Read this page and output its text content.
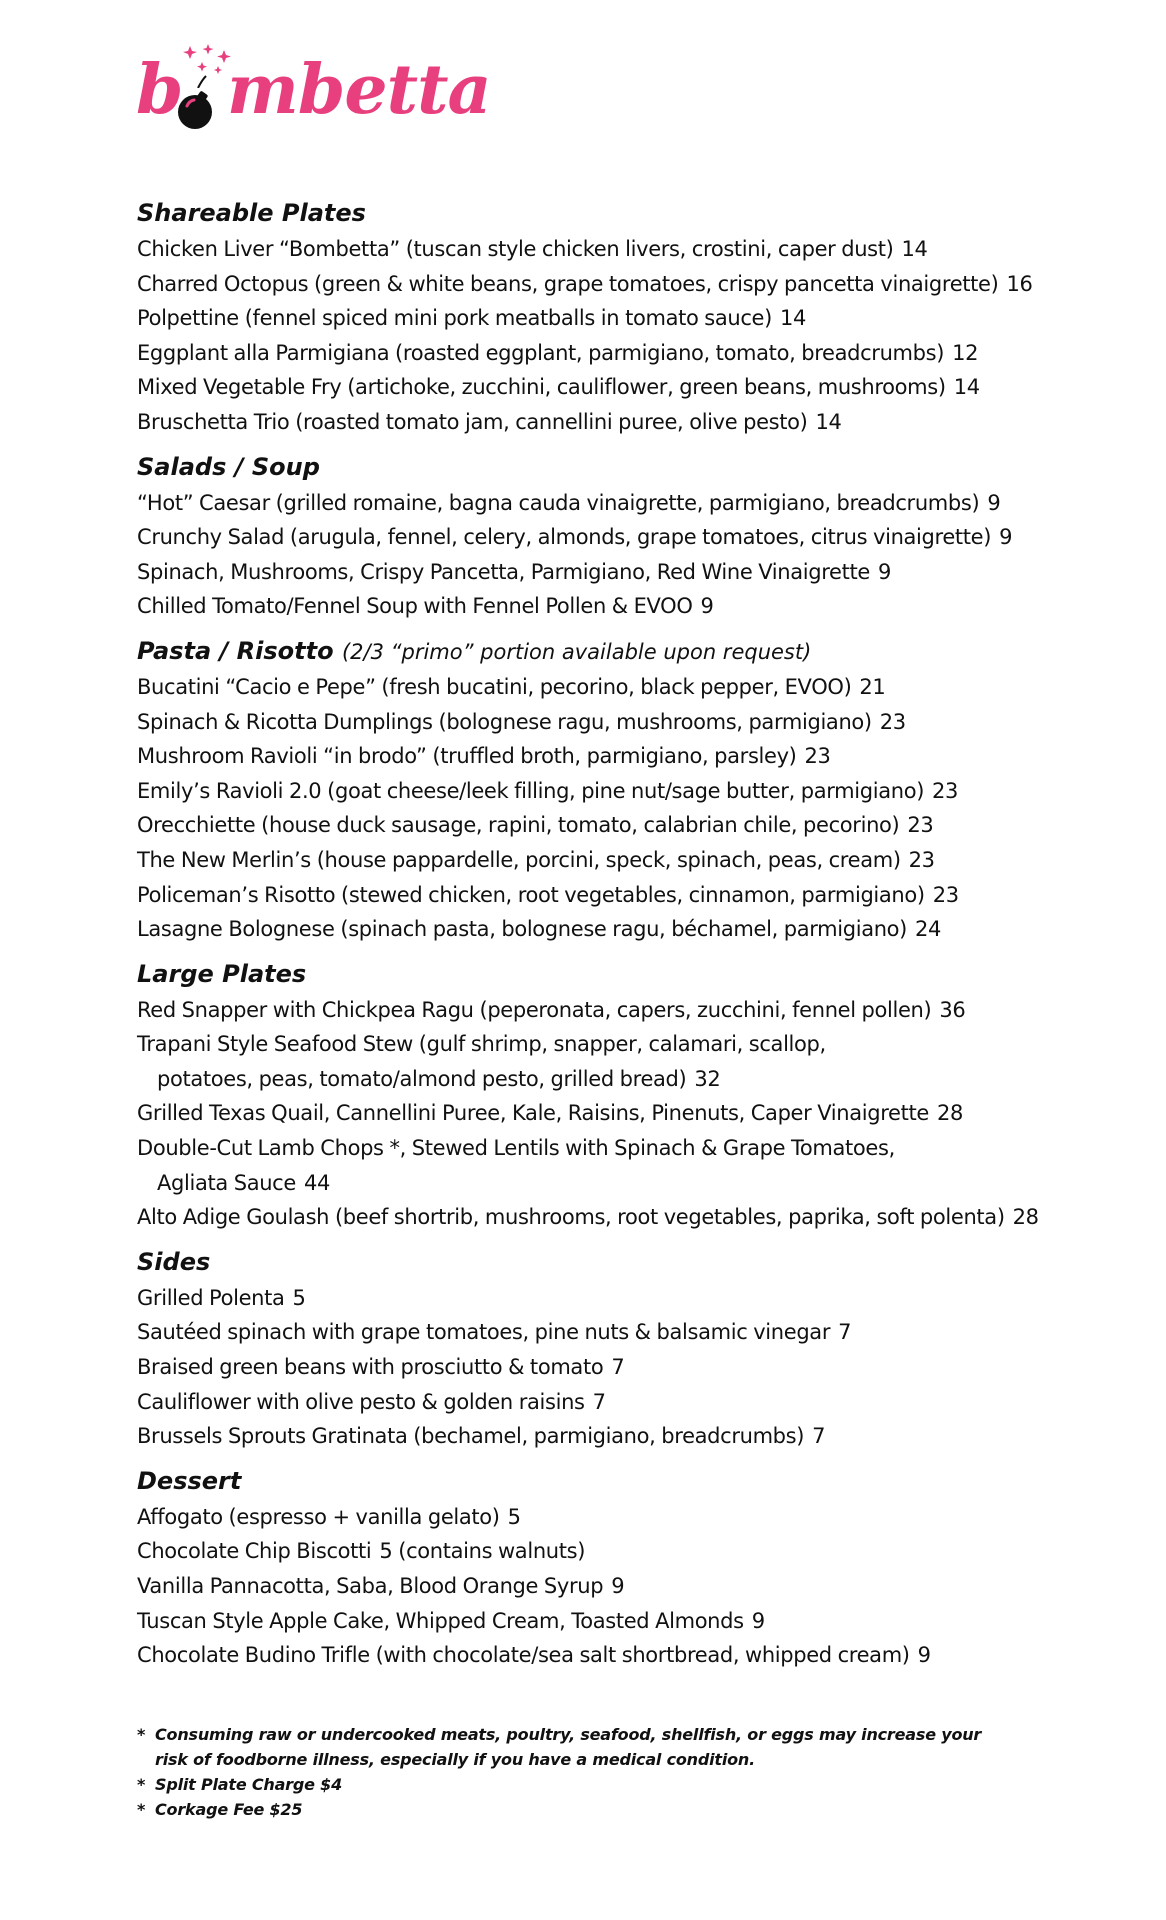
b mbetta
Shareable Plates
Chicken Liver “Bombetta” (tuscan style chicken livers, crostini, caper dust) 14
Charred Octopus (green & white beans, grape tomatoes, crispy pancetta vinaigrette) 16
Polpettine (fennel spiced mini pork meatballs in tomato sauce) 14
Eggplant alla Parmigiana (roasted eggplant, parmigiano, tomato, breadcrumbs) 12
Mixed Vegetable Fry (artichoke, zucchini, cauliflower, green beans, mushrooms) 14
Bruschetta Trio (roasted tomato jam, cannellini puree, olive pesto) 14
Salads / Soup
“Hot” Caesar (grilled romaine, bagna cauda vinaigrette, parmigiano, breadcrumbs) 9
Crunchy Salad (arugula, fennel, celery, almonds, grape tomatoes, citrus vinaigrette) 9
Spinach, Mushrooms, Crispy Pancetta, Parmigiano, Red Wine Vinaigrette 9
Chilled Tomato/Fennel Soup with Fennel Pollen & EVOO 9
Pasta / Risotto (2/3 “primo” portion available upon request)
Bucatini “Cacio e Pepe” (fresh bucatini, pecorino, black pepper, EVOO) 21
Spinach & Ricotta Dumplings (bolognese ragu, mushrooms, parmigiano) 23
Mushroom Ravioli “in brodo” (truffled broth, parmigiano, parsley) 23
Emily’s Ravioli 2.0 (goat cheese/leek filling, pine nut/sage butter, parmigiano) 23
Orecchiette (house duck sausage, rapini, tomato, calabrian chile, pecorino) 23
The New Merlin’s (house pappardelle, porcini, speck, spinach, peas, cream) 23
Policeman’s Risotto (stewed chicken, root vegetables, cinnamon, parmigiano) 23
Lasagne Bolognese (spinach pasta, bolognese ragu, béchamel, parmigiano) 24
Large Plates
Red Snapper with Chickpea Ragu (peperonata, capers, zucchini, fennel pollen) 36
Trapani Style Seafood Stew (gulf shrimp, snapper, calamari, scallop,
potatoes, peas, tomato/almond pesto, grilled bread) 32
Grilled Texas Quail, Cannellini Puree, Kale, Raisins, Pinenuts, Caper Vinaigrette 28
Double-Cut Lamb Chops *, Stewed Lentils with Spinach & Grape Tomatoes,
Agliata Sauce 44
Alto Adige Goulash (beef shortrib, mushrooms, root vegetables, paprika, soft polenta) 28
Sides
Grilled Polenta 5
Sautéed spinach with grape tomatoes, pine nuts & balsamic vinegar 7
Braised green beans with prosciutto & tomato 7
Cauliflower with olive pesto & golden raisins 7
Brussels Sprouts Gratinata (bechamel, parmigiano, breadcrumbs) 7
Dessert
Affogato (espresso + vanilla gelato) 5
Chocolate Chip Biscotti 5 (contains walnuts)
Vanilla Pannacotta, Saba, Blood Orange Syrup 9
Tuscan Style Apple Cake, Whipped Cream, Toasted Almonds 9
Chocolate Budino Trifle (with chocolate/sea salt shortbread, whipped cream) 9
* Consuming raw or undercooked meats, poultry, seafood, shellfish, or eggs may increase your
risk of foodborne illness, especially if you have a medical condition.
* Split Plate Charge $4
* Corkage Fee $25
